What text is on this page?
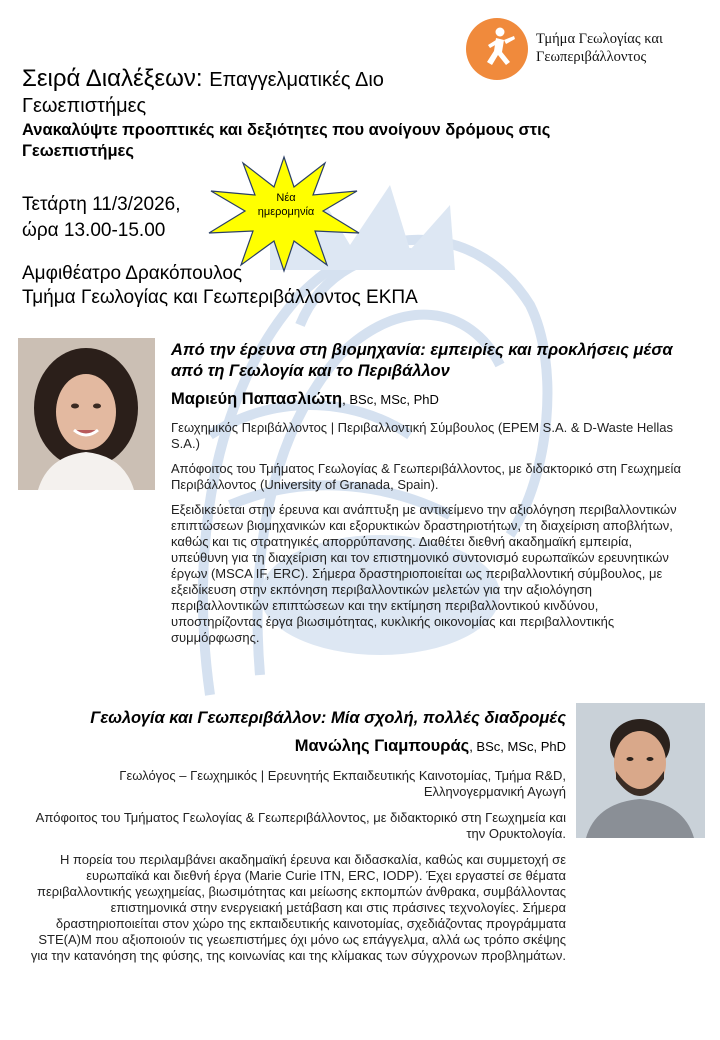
Τμήμα Γεωλογίας και
Γεωπεριβάλλοντος
Σειρά Διαλέξεων: Επαγγελματικές Διο
Γεωεπιστήμες
Ανακαλύψτε προοπτικές και δεξιότητες που ανοίγουν δρόμους στις Γεωεπιστήμες
Τετάρτη 11/3/2026,
ώρα 13.00-15.00
Νέα
ημερομηνία
Αμφιθέατρο Δρακόπουλος
Τμήμα Γεωλογίας και Γεωπεριβάλλοντος ΕΚΠΑ
Από την έρευνα στη βιομηχανία: εμπειρίες και προκλήσεις μέσα από τη Γεωλογία και το Περιβάλλον
Μαριεύη Παπασλιώτη, BSc, MSc, PhD
Γεωχημικός Περιβάλλοντος | Περιβαλλοντική Σύμβουλος (EPEM S.A. & D-Waste Hellas S.A.)
Απόφοιτος του Τμήματος Γεωλογίας & Γεωπεριβάλλοντος, με διδακτορικό στη Γεωχημεία Περιβάλλοντος (University of Granada, Spain).
Εξειδικεύεται στην έρευνα και ανάπτυξη με αντικείμενο την αξιολόγηση περιβαλλοντικών επιπτώσεων βιομηχανικών και εξορυκτικών δραστηριοτήτων, τη διαχείριση αποβλήτων, καθώς και τις στρατηγικές απορρύπανσης. Διαθέτει διεθνή ακαδημαϊκή εμπειρία, υπεύθυνη για τη διαχείριση και τον επιστημονικό συντονισμό ευρωπαϊκών ερευνητικών έργων (MSCA IF, ERC). Σήμερα δραστηριοποιείται ως περιβαλλοντική σύμβουλος, με εξειδίκευση στην εκπόνηση περιβαλλοντικών μελετών για την αξιολόγηση περιβαλλοντικών επιπτώσεων και την εκτίμηση περιβαλλοντικού κινδύνου, υποστηρίζοντας έργα βιωσιμότητας, κυκλικής οικονομίας και περιβαλλοντικής συμμόρφωσης.
Γεωλογία και Γεωπεριβάλλον: Μία σχολή, πολλές διαδρομές
Μανώλης Γιαμπουράς, BSc, MSc, PhD
Γεωλόγος – Γεωχημικός | Ερευνητής Εκπαιδευτικής Καινοτομίας, Τμήμα R&D, Ελληνογερμανική Αγωγή
Απόφοιτος του Τμήματος Γεωλογίας & Γεωπεριβάλλοντος, με διδακτορικό στη Γεωχημεία και την Ορυκτολογία.
Η πορεία του περιλαμβάνει ακαδημαϊκή έρευνα και διδασκαλία, καθώς και συμμετοχή σε ευρωπαϊκά και διεθνή έργα (Marie Curie ITN, ERC, IODP). Έχει εργαστεί σε θέματα περιβαλλοντικής γεωχημείας, βιωσιμότητας και μείωσης εκπομπών άνθρακα, συμβάλλοντας επιστημονικά στην ενεργειακή μετάβαση και στις πράσινες τεχνολογίες. Σήμερα δραστηριοποιείται στον χώρο της εκπαιδευτικής καινοτομίας, σχεδιάζοντας προγράμματα STE(A)M που αξιοποιούν τις γεωεπιστήμες όχι μόνο ως επάγγελμα, αλλά ως τρόπο σκέψης για την κατανόηση της φύσης, της κοινωνίας και της κλίμακας των σύγχρονων προβλημάτων.
